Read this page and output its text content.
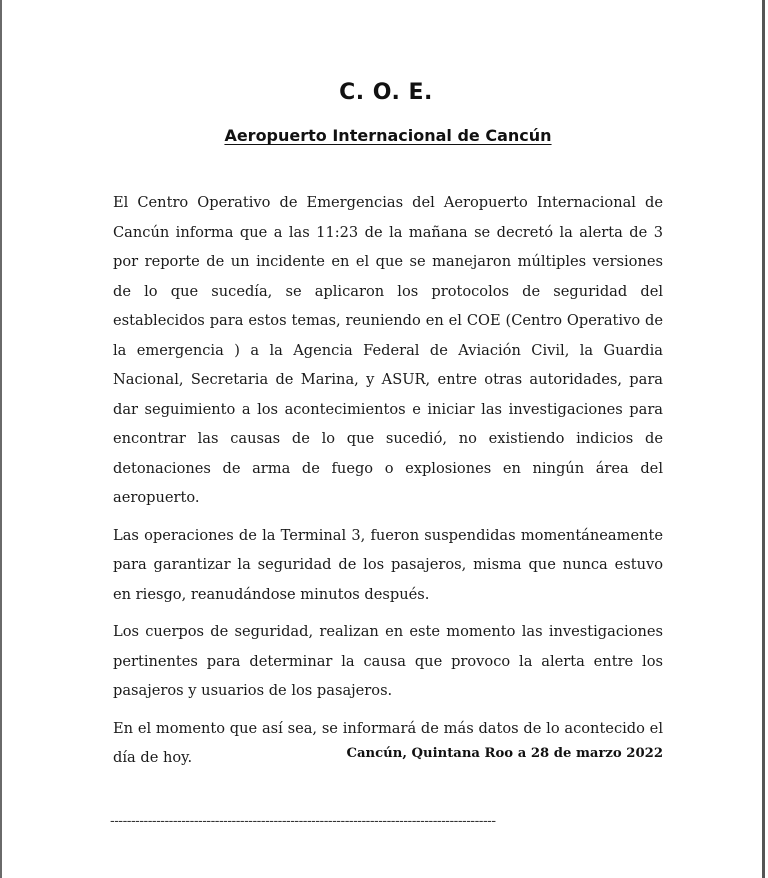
C. O. E.
Aeropuerto Internacional de Cancún

El Centro Operativo de Emergencias del Aeropuerto Internacional de Cancún informa que a las 11:23 de la mañana se decretó la alerta de 3 por reporte de un incidente en el que se manejaron múltiples versiones de lo que sucedía, se aplicaron los protocolos de seguridad del establecidos para estos temas, reuniendo en el COE (Centro Operativo de la emergencia ) a la Agencia Federal de Aviación Civil, la Guardia Nacional, Secretaria de Marina, y ASUR, entre otras autoridades, para dar seguimiento a los acontecimientos e iniciar las investigaciones para encontrar las causas de lo que sucedió, no existiendo indicios de detonaciones de arma de fuego o explosiones en ningún área del aeropuerto.

Las operaciones de la Terminal 3, fueron suspendidas momentáneamente para garantizar la seguridad de los pasajeros, misma que nunca estuvo en riesgo, reanudándose minutos después.

Los cuerpos de seguridad, realizan en este momento las investigaciones pertinentes para determinar la causa que provoco la alerta entre los pasajeros y usuarios de los pasajeros.

En el momento que así sea, se informará de más datos de lo acontecido el día de hoy.	Cancún, Quintana Roo a 28 de marzo 2022
--------------------------------------------------------------------------------------------
